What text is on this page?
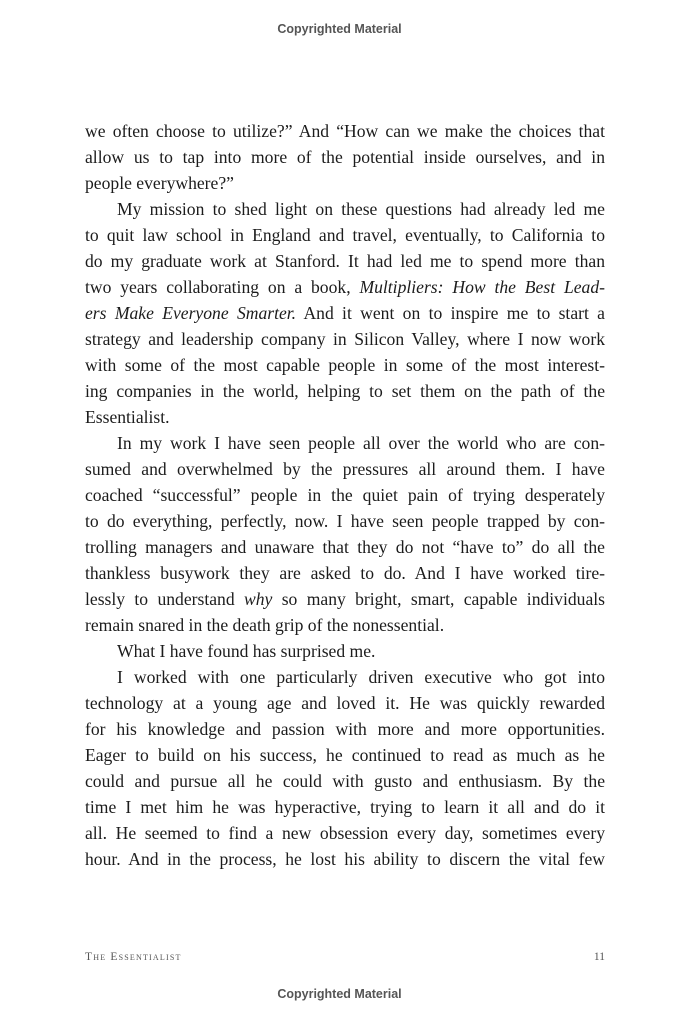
Copyrighted Material
we often choose to utilize?” And “How can we make the choices that
allow us to tap into more of the potential inside ourselves, and in
people everywhere?”
My mission to shed light on these questions had already led me
to quit law school in England and travel, eventually, to California to
do my graduate work at Stanford. It had led me to spend more than
two years collaborating on a book, Multipliers: How the Best Lead-
ers Make Everyone Smarter. And it went on to inspire me to start a
strategy and leadership company in Silicon Valley, where I now work
with some of the most capable people in some of the most interest-
ing companies in the world, helping to set them on the path of the
Essentialist.
In my work I have seen people all over the world who are con-
sumed and overwhelmed by the pressures all around them. I have
coached “successful” people in the quiet pain of trying desperately
to do everything, perfectly, now. I have seen people trapped by con-
trolling managers and unaware that they do not “have to” do all the
thankless busywork they are asked to do. And I have worked tire-
lessly to understand why so many bright, smart, capable individuals
remain snared in the death grip of the nonessential.
What I have found has surprised me.
I worked with one particularly driven executive who got into
technology at a young age and loved it. He was quickly rewarded
for his knowledge and passion with more and more opportunities.
Eager to build on his success, he continued to read as much as he
could and pursue all he could with gusto and enthusiasm. By the
time I met him he was hyperactive, trying to learn it all and do it
all. He seemed to find a new obsession every day, sometimes every
hour. And in the process, he lost his ability to discern the vital few
The Essentialist	11
Copyrighted Material
